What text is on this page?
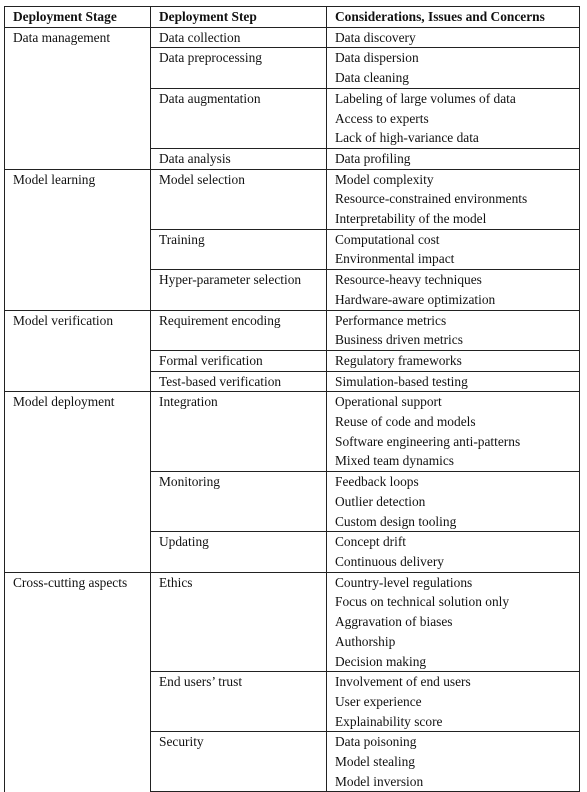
Deployment Stage	Deployment Step	Considerations, Issues and Concerns
Data management	Data collection	Data discovery

	Data preprocessing	Data dispersion
Data cleaning

	Data augmentation	Labeling of large volumes of data
Access to experts
Lack of high-variance data

	Data analysis	Data profiling

Model learning	Model selection	Model complexity
Resource-constrained environments
Interpretability of the model

	Training	Computational cost
Environmental impact

	Hyper-parameter selection	Resource-heavy techniques
Hardware-aware optimization

Model verification	Requirement encoding	Performance metrics
Business driven metrics

	Formal verification	Regulatory frameworks

	Test-based verification	Simulation-based testing

Model deployment	Integration	Operational support
Reuse of code and models
Software engineering anti-patterns
Mixed team dynamics

	Monitoring	Feedback loops
Outlier detection
Custom design tooling

	Updating	Concept drift
Continuous delivery

Cross-cutting aspects	Ethics	Country-level regulations
Focus on technical solution only
Aggravation of biases
Authorship
Decision making

	End users’ trust	Involvement of end users
User experience
Explainability score

	Security	Data poisoning
Model stealing
Model inversion
